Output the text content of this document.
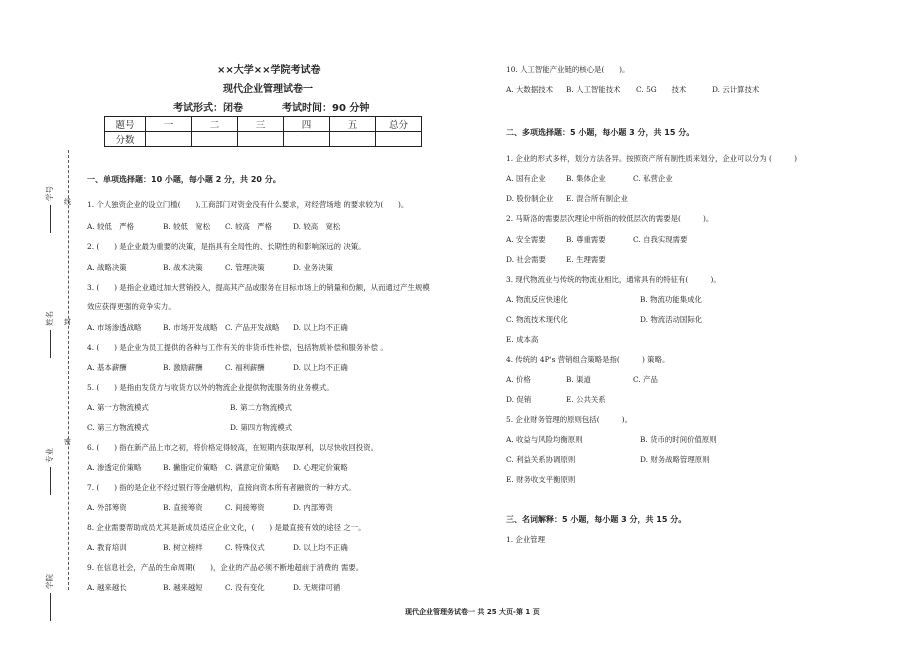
线
封
密
学号
姓名
专业
学院
××大学××学院考试卷
现代企业管理试卷一
考试形式：闭卷	考试时间：90 分钟
题号	一	二	三	四	五	总分
分数						
一、单项选择题：10 小题，每小题 2 分，共 20 分。
1. 个人独资企业的设立门槛(　　),工商部门对资金没有什么要求，对经营场地 的要求较为(　　)。
A. 较低　严格	B. 较低　宽松 C. 较高　严格	D. 较高　宽松
2. (　　) 是企业最为重要的决策，是指具有全局性的、长期性的和影响深远的 决策。
A. 战略决策	B. 战术决策	C. 管理决策	D. 业务决策
3. (　　) 是指企业通过加大营销投入，提高其产品或服务在目标市场上的销量和份额，从而通过产生规模
效应获得更强的竞争实力。
A. 市场渗透战略	B. 市场开发战略 C. 产品开发战略 D. 以上均不正确
4. (　　) 是企业为员工提供的各种与工作有关的非货币性补偿，包括物质补偿和服务补偿 。
A. 基本薪酬	B. 激励薪酬	C. 福利薪酬	D. 以上均不正确
5. (　　) 是指由发货方与收货方以外的物流企业提供物流服务的业务模式。
A. 第一方物流模式	B. 第二方物流模式
C. 第三方物流模式	D. 第四方物流模式
6. (　　) 指在新产品上市之初，将价格定得较高，在短期内获取厚利，以尽快收回投资。
A. 渗透定价策略	B. 撇脂定价策略 C. 满意定价策略 D. 心理定价策略
7. (　　) 指的是企业不经过银行等金融机构，直接向资本所有者融资的一种方式。
A. 外部筹资	B. 直接筹资	C. 间接筹资	D. 内部筹资
8. 企业需要帮助成员尤其是新成员适应企业文化，(　　) 是最直接有效的途径 之一。
A. 教育培训	B. 树立榜样	C. 特殊仪式	D. 以上均不正确
9. 在信息社会，产品的生命周期(　　)，企业的产品必须不断地超前于消费的 需要。
A. 越来越长	B. 越来越短	C. 没有变化	D. 无规律可循
10. 人工智能产业链的核心是(　　)。
A. 大数据技术 B. 人工智能技术 C. 5G　　技术	D. 云计算技术
二、多项选择题：5 小题，每小题 3 分，共 15 分。
1. 企业的形式多样，划分方法各异。按照资产所有制性质来划分，企业可以分为 (　　　)
A. 国有企业	B. 集体企业	C. 私营企业
D. 股份制企业 E. 混合所有制企业
2. 马斯洛的需要层次理论中所指的较低层次的需要是(　　　)。
A. 安全需要	B. 尊重需要	C. 自我实现需要
D. 社会需要	E. 生理需要
3. 现代物流业与传统的物流业相比，通常具有的特征有(　　　)。
A. 物流反应快速化	B. 物流功能集成化
C. 物流技术现代化	D. 物流活动国际化
E. 成本高
4. 传统的 4P's 营销组合策略是指(　　　) 策略。
A. 价格	B. 渠道	C. 产品
D. 促销	E. 公共关系
5. 企业财务管理的原则包括(　　　)。
A. 收益与风险均衡原则	B. 货币的时间价值原则
C. 利益关系协调原则	D. 财务战略管理原则
E. 财务收支平衡原则
三、名词解释：5 小题，每小题 3 分，共 15 分。
1. 企业管理
现代企业管理务试卷一 共 25 大页-第 1 页
